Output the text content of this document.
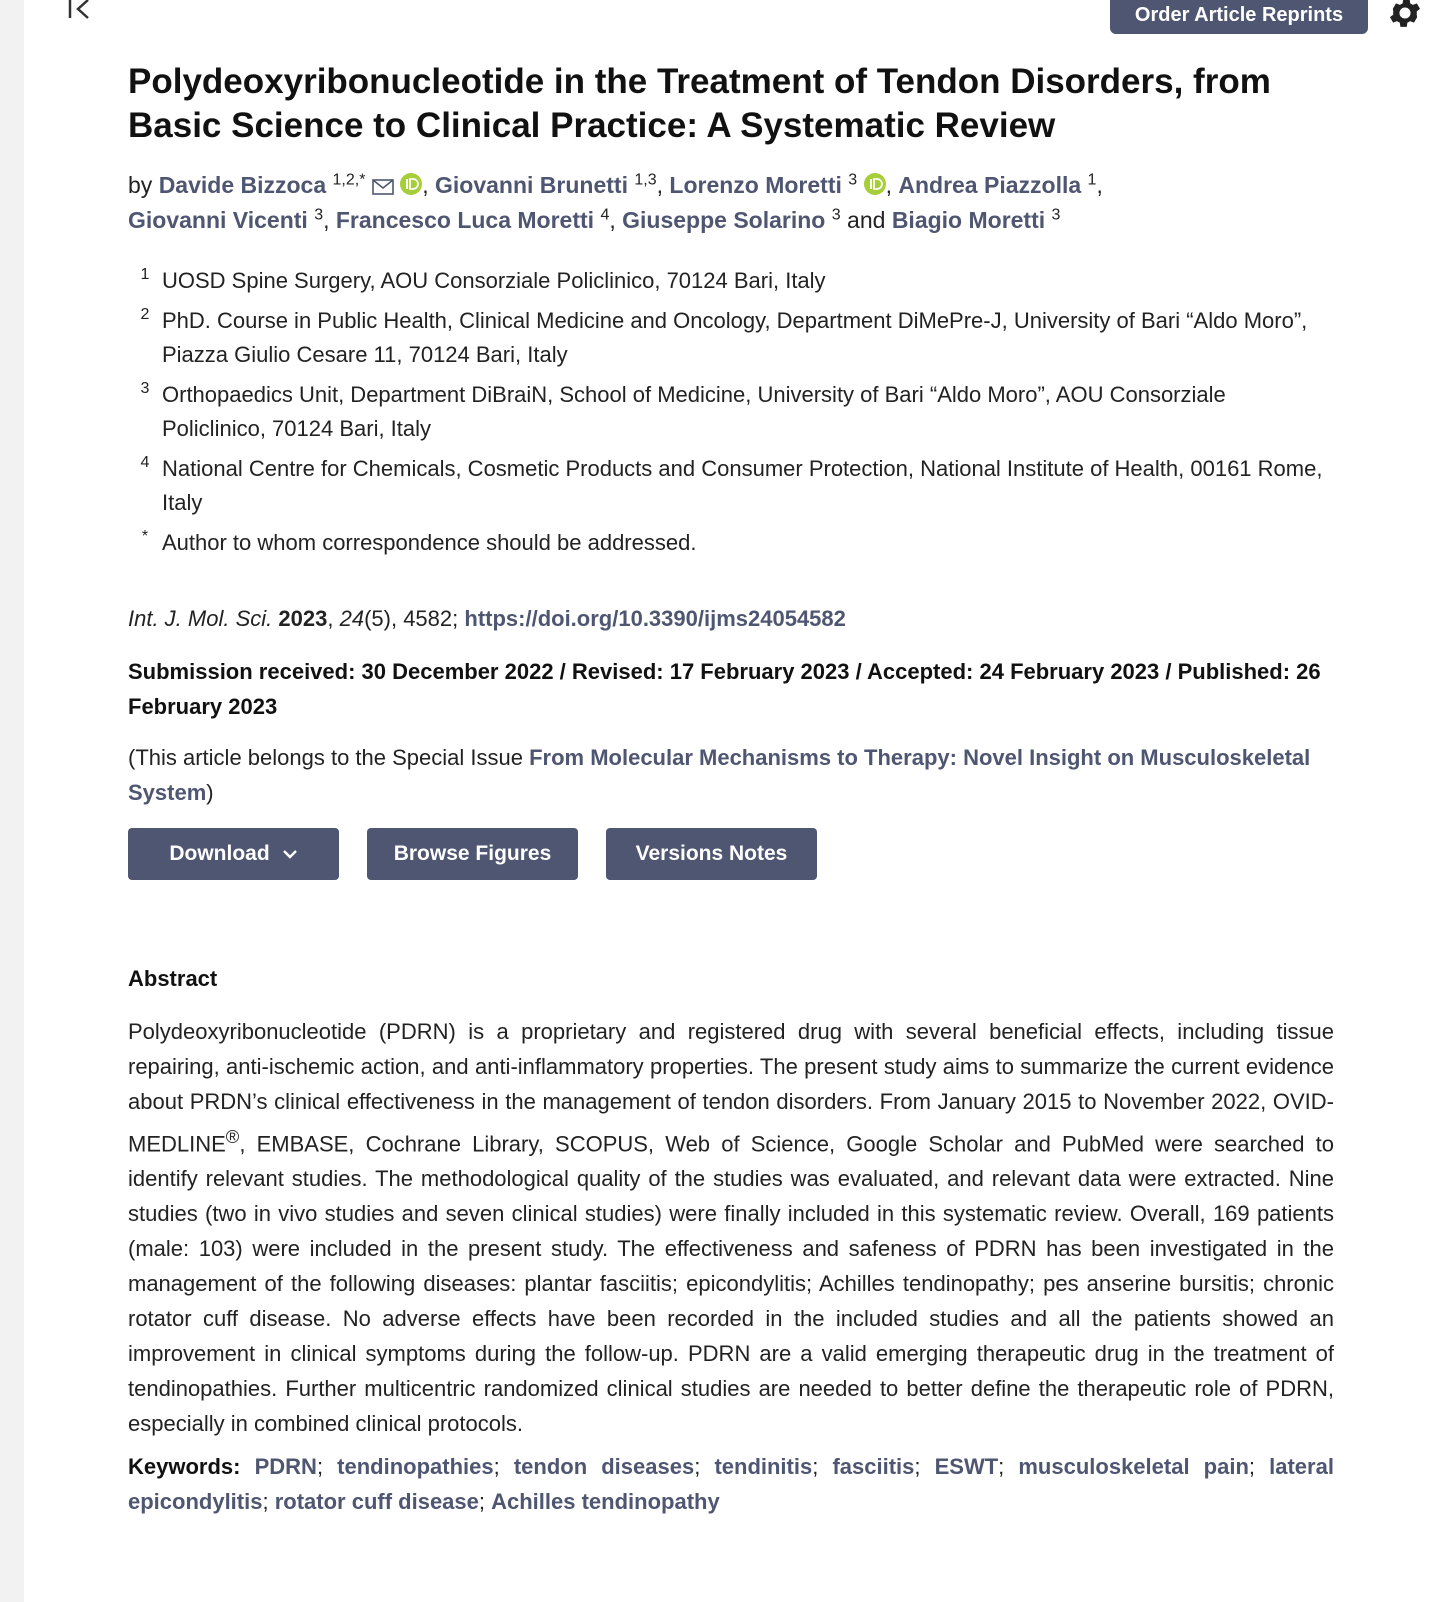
Order Article Reprints
Polydeoxyribonucleotide in the Treatment of Tendon Disorders, from Basic Science to Clinical Practice: A Systematic Review
by Davide Bizzoca $^{1,2,*}$ , Giovanni Brunetti $^{1,3}$, Lorenzo Moretti $^3$ , Andrea Piazzolla $^1$,
Giovanni Vicenti $^3$, Francesco Luca Moretti $^4$, Giuseppe Solarino $^3$ and Biagio Moretti $^3$
1 UOSD Spine Surgery, AOU Consorziale Policlinico, 70124 Bari, Italy
2 PhD. Course in Public Health, Clinical Medicine and Oncology, Department DiMePre-J, University of Bari “Aldo Moro”, Piazza Giulio Cesare 11, 70124 Bari, Italy
3 Orthopaedics Unit, Department DiBraiN, School of Medicine, University of Bari “Aldo Moro”, AOU Consorziale Policlinico, 70124 Bari, Italy
4 National Centre for Chemicals, Cosmetic Products and Consumer Protection, National Institute of Health, 00161 Rome, Italy
* Author to whom correspondence should be addressed.
Int. J. Mol. Sci. 2023, 24(5), 4582; https://doi.org/10.3390/ijms24054582
Submission received: 30 December 2022 / Revised: 17 February 2023 / Accepted: 24 February 2023 / Published: 26 February 2023
(This article belongs to the Special Issue From Molecular Mechanisms to Therapy: Novel Insight on Musculoskeletal System)
Download	Browse Figures	Versions Notes
Abstract
Polydeoxyribonucleotide (PDRN) is a proprietary and registered drug with several beneficial effects, including tissue repairing, anti-ischemic action, and anti-inflammatory properties. The present study aims to summarize the current evidence about PRDN’s clinical effectiveness in the management of tendon disorders. From January 2015 to November 2022, OVID-MEDLINE®, EMBASE, Cochrane Library, SCOPUS, Web of Science, Google Scholar and PubMed were searched to identify relevant studies. The methodological quality of the studies was evaluated, and relevant data were extracted. Nine studies (two in vivo studies and seven clinical studies) were finally included in this systematic review. Overall, 169 patients (male: 103) were included in the present study. The effectiveness and safeness of PDRN has been investigated in the management of the following diseases: plantar fasciitis; epicondylitis; Achilles tendinopathy; pes anserine bursitis; chronic rotator cuff disease. No adverse effects have been recorded in the included studies and all the patients showed an improvement in clinical symptoms during the follow-up. PDRN are a valid emerging therapeutic drug in the treatment of tendinopathies. Further multicentric randomized clinical studies are needed to better define the therapeutic role of PDRN, especially in combined clinical protocols.
Keywords: PDRN; tendinopathies; tendon diseases; tendinitis; fasciitis; ESWT; musculoskeletal pain; lateral epicondylitis; rotator cuff disease; Achilles tendinopathy
